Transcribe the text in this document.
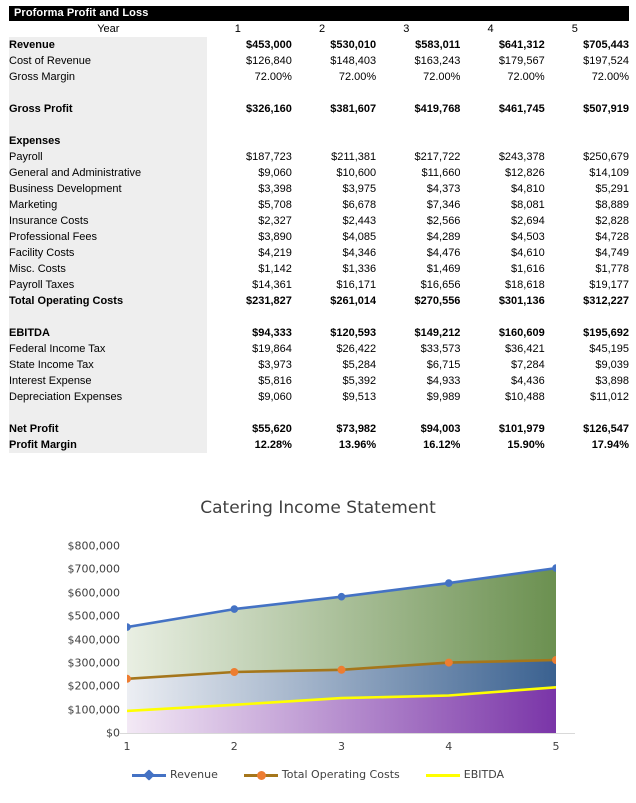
Proforma Profit and Loss
Year	1	2	3	4	5
Revenue	$453,000	$530,010	$583,011	$641,312	$705,443
Cost of Revenue	$126,840	$148,403	$163,243	$179,567	$197,524
Gross Margin	72.00%	72.00%	72.00%	72.00%	72.00%

Gross Profit	$326,160	$381,607	$419,768	$461,745	$507,919

Expenses					
Payroll	$187,723	$211,381	$217,722	$243,378	$250,679
General and Administrative	$9,060	$10,600	$11,660	$12,826	$14,109
Business Development	$3,398	$3,975	$4,373	$4,810	$5,291
Marketing	$5,708	$6,678	$7,346	$8,081	$8,889
Insurance Costs	$2,327	$2,443	$2,566	$2,694	$2,828
Professional Fees	$3,890	$4,085	$4,289	$4,503	$4,728
Facility Costs	$4,219	$4,346	$4,476	$4,610	$4,749
Misc. Costs	$1,142	$1,336	$1,469	$1,616	$1,778
Payroll Taxes	$14,361	$16,171	$16,656	$18,618	$19,177
Total Operating Costs	$231,827	$261,014	$270,556	$301,136	$312,227

EBITDA	$94,333	$120,593	$149,212	$160,609	$195,692
Federal Income Tax	$19,864	$26,422	$33,573	$36,421	$45,195
State Income Tax	$3,973	$5,284	$6,715	$7,284	$9,039
Interest Expense	$5,816	$5,392	$4,933	$4,436	$3,898
Depreciation Expenses	$9,060	$9,513	$9,989	$10,488	$11,012

Net Profit	$55,620	$73,982	$94,003	$101,979	$126,547
Profit Margin	12.28%	13.96%	16.12%	15.90%	17.94%
Catering Income Statement
$0
$100,000
$200,000
$300,000
$400,000
$500,000
$600,000
$700,000
$800,000
1	2	3	4	5
Revenue	Total Operating Costs	EBITDA
